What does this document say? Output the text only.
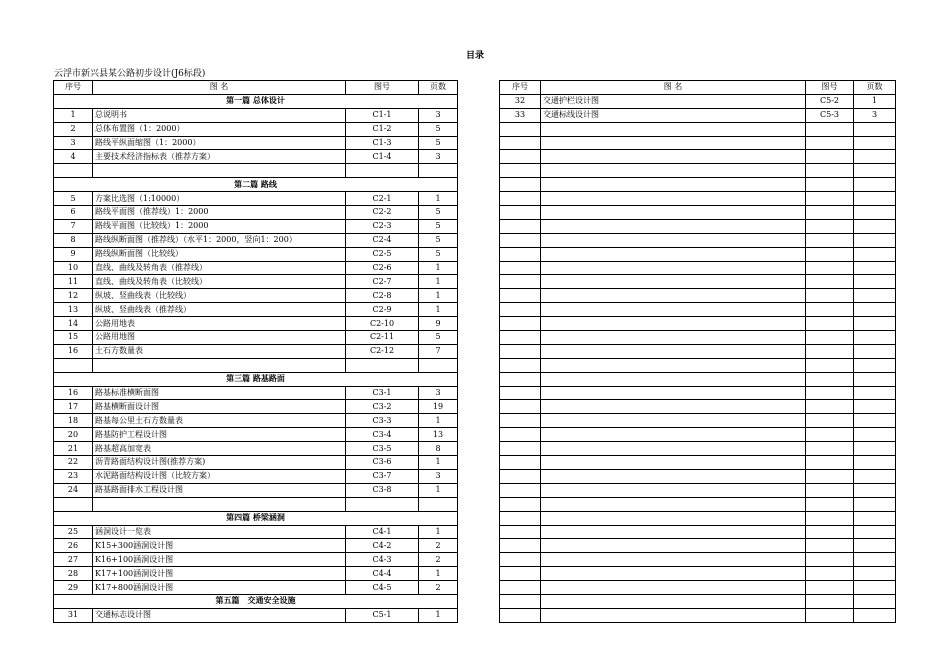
目录
云浮市新兴县某公路初步设计(J6标段)
序号	图 名	图号	页数
第一篇 总体设计			
1	总说明书	C1-1	3
2	总体布置图（1：2000）	C1-2	5
3	路线平纵面缩图（1：2000）	C1-3	5
4	主要技术经济指标表（推荐方案）	C1-4	3

第二篇 路线			
5	方案比选图（1:10000）	C2-1	1
6	路线平面图（推荐线）1：2000	C2-2	5
7	路线平面图（比较线）1：2000	C2-3	5
8	路线纵断面图（推荐线）（水平1：2000，竖向1：200）	C2-4	5
9	路线纵断面图（比较线）	C2-5	5
10	直线、曲线及转角表（推荐线）	C2-6	1
11	直线、曲线及转角表（比较线）	C2-7	1
12	纵坡、竖曲线表（比较线）	C2-8	1
13	纵坡、竖曲线表（推荐线）	C2-9	1
14	公路用地表	C2-10	9
15	公路用地图	C2-11	5
16	土石方数量表	C2-12	7

第三篇 路基路面			
16	路基标准横断面图	C3-1	3
17	路基横断面设计图	C3-2	19
18	路基每公里土石方数量表	C3-3	1
20	路基防护工程设计图	C3-4	13
21	路基超高加宽表	C3-5	8
22	沥青路面结构设计图(推荐方案)	C3-6	1
23	水泥路面结构设计图（比较方案）	C3-7	3
24	路基路面排水工程设计图	C3-8	1

第四篇 桥梁涵洞			
25	涵洞设计一览表	C4-1	1
26	K15+300涵洞设计图	C4-2	2
27	K16+100涵洞设计图	C4-3	2
28	K17+100涵洞设计图	C4-4	1
29	K17+800涵洞设计图	C4-5	2
第五篇　交通安全设施			
31	交通标志设计图	C5-1	1
序号	图 名	图号	页数
32	交通护栏设计图	C5-2	1
33	交通标线设计图	C5-3	3
